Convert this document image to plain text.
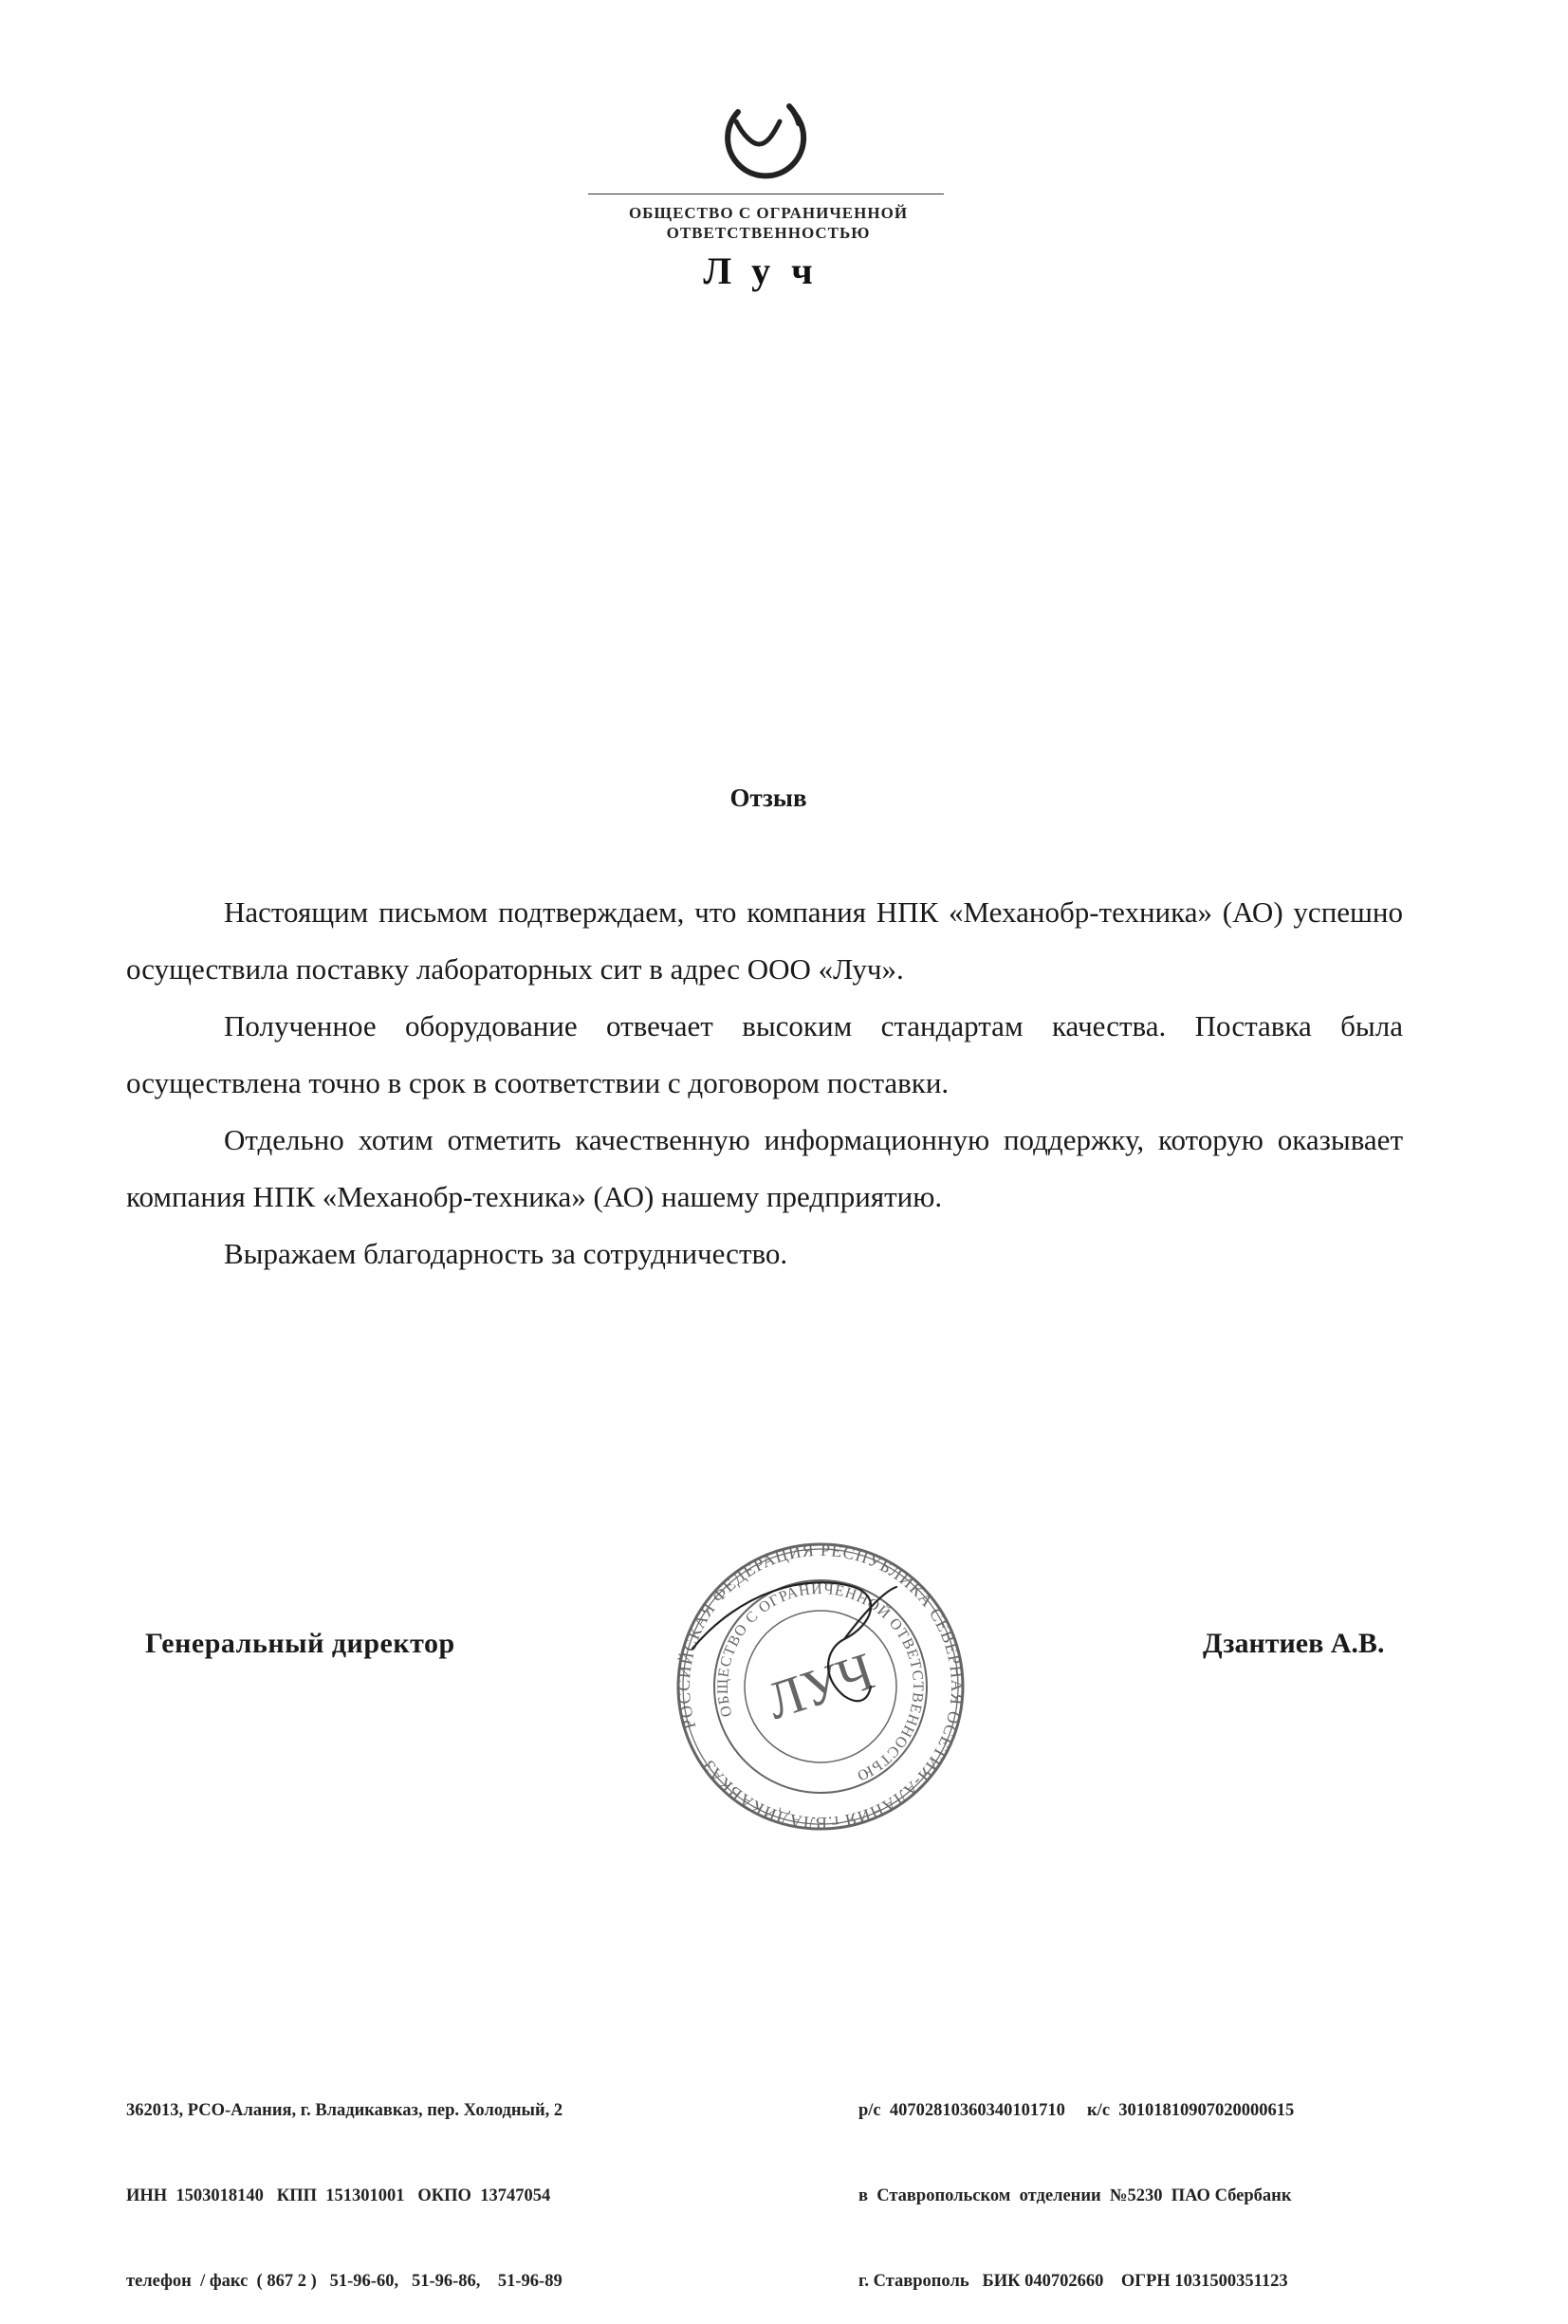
ОБЩЕСТВО С ОГРАНИЧЕННОЙ
ОТВЕТСТВЕННОСТЬЮ
Луч
Отзыв

Настоящим письмом подтверждаем, что компания НПК «Механобр-техника» (АО) успешно осуществила поставку лабораторных сит в адрес ООО «Луч».

Полученное оборудование отвечает высоким стандартам качества. Поставка была осуществлена точно в срок в соответствии с договором поставки.

Отдельно хотим отметить качественную информационную поддержку, которую оказывает компания НПК «Механобр-техника» (АО) нашему предприятию.

Выражаем благодарность за сотрудничество.

Генеральный директор
РОССИЙСКАЯ ФЕДЕРАЦИЯ РЕСПУБЛИКА СЕВЕРНАЯ ОСЕТИЯ-АЛАНИЯ г.ВЛАДИКАВКАЗ
ОБЩЕСТВО С ОГРАНИЧЕННОЙ ОТВЕТСТВЕННОСТЬЮ
ЛУЧ	Дзантиев А.В.

362013, РСО-Алания, г. Владикавказ, пер. Холодный, 2

ИНН  1503018140   КПП  151301001   ОКПО  13747054

телефон  / факс  ( 867 2 )   51-96-60,   51-96-86,    51-96-89

р/с  40702810360340101710     к/с  30101810907020000615

в  Ставропольском  отделении  №5230  ПАО Сбербанк

г. Ставрополь   БИК 040702660    ОГРН 1031500351123
